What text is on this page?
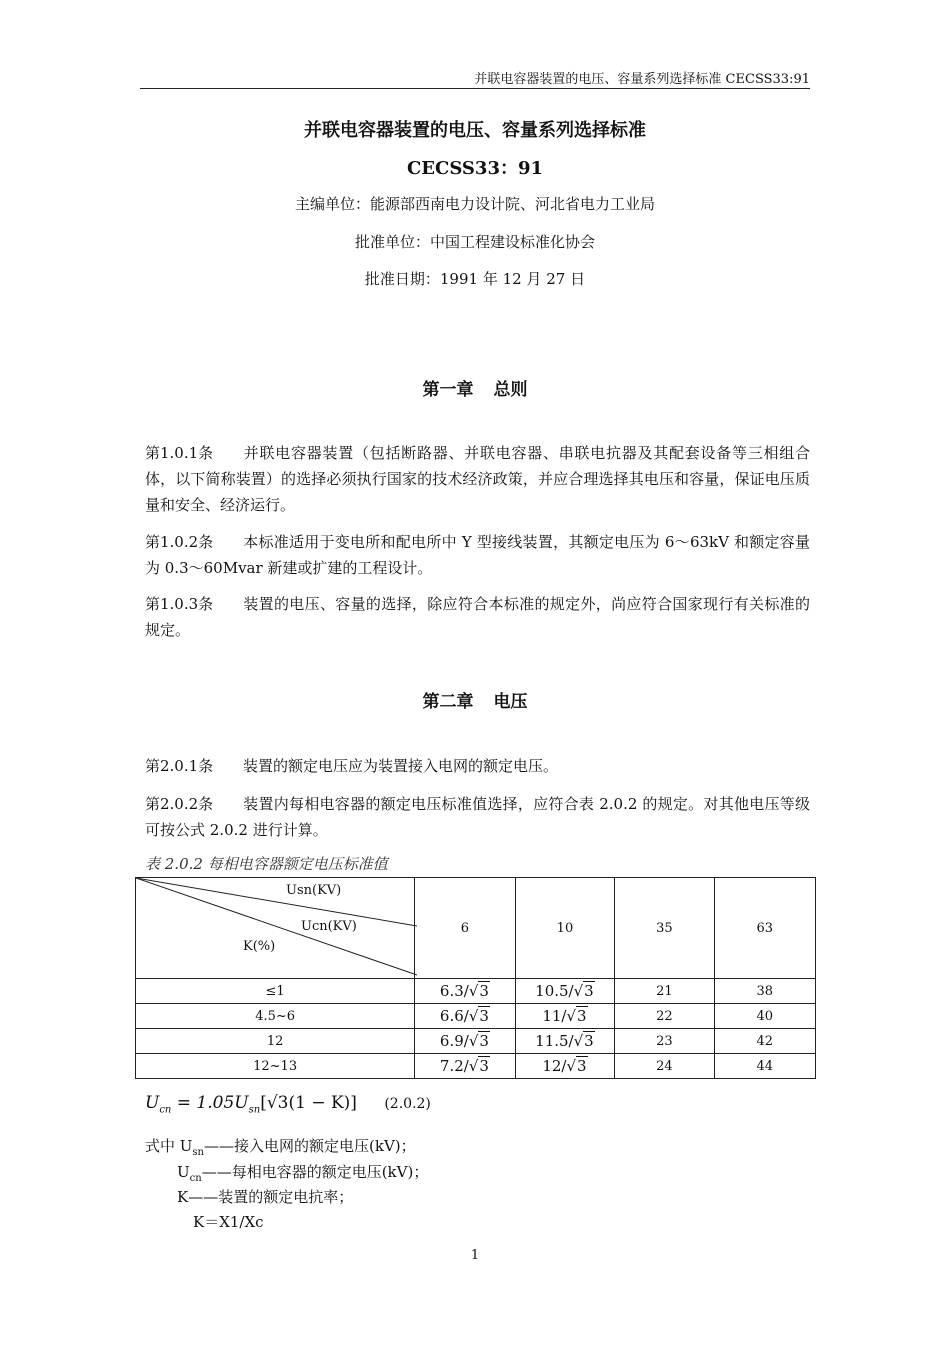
并联电容器装置的电压、容量系列选择标准 CECSS33:91
并联电容器装置的电压、容量系列选择标准
CECSS33：91
主编单位：能源部西南电力设计院、河北省电力工业局
批准单位：中国工程建设标准化协会
批准日期：1991 年 12 月 27 日
第一章 总则

第1.0.1条 并联电容器装置（包括断路器、并联电容器、串联电抗器及其配套设备等三相组合体，以下简称装置）的选择必须执行国家的技术经济政策，并应合理选择其电压和容量，保证电压质量和安全、经济运行。

第1.0.2条 本标准适用于变电所和配电所中 Y 型接线装置，其额定电压为 6～63kV 和额定容量为 0.3～60Mvar 新建或扩建的工程设计。

第1.0.3条 装置的电压、容量的选择，除应符合本标准的规定外，尚应符合国家现行有关标准的规定。

第二章 电压

第2.0.1条 装置的额定电压应为装置接入电网的额定电压。

第2.0.2条 装置内每相电容器的额定电压标准值选择，应符合表 2.0.2 的规定。对其他电压等级可按公式 2.0.2 进行计算。

表 2.0.2 每相电容器额定电压标准值
Usn(KV)
Ucn(KV)
K(%)	6	10	35	63
≤1	6.3/√3	10.5/√3	21	38
4.5~6	6.6/√3	11/√3	22	40
12	6.9/√3	11.5/√3	23	42
12~13	7.2/√3	12/√3	24	44
$U_{cn} = 1.05U_{sn}[√3(1 - K)]$ (2.0.2)
式中 $U_{sn}——$接入电网的额定电压(kV)；
$U_{cn}——$每相电容器的额定电压(kV)；
K——装置的额定电抗率；
K＝X1/Xc
1
